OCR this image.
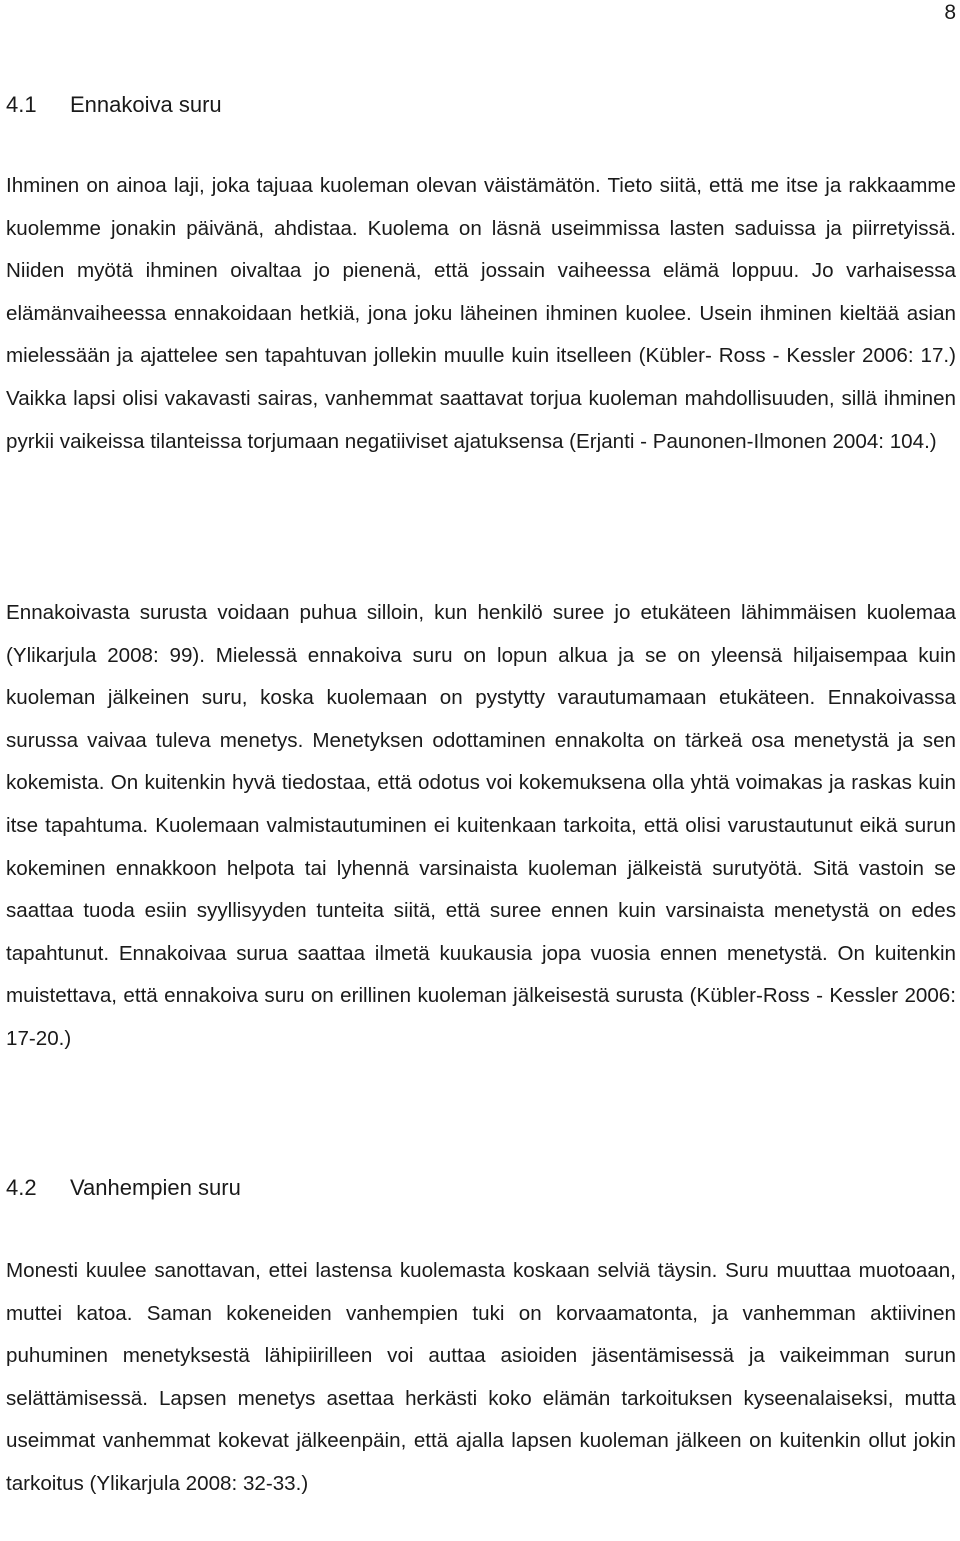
8
4.1 Ennakoiva suru

Ihminen on ainoa laji, joka tajuaa kuoleman olevan väistämätön. Tieto siitä, että me itse ja rakkaamme kuolemme jonakin päivänä, ahdistaa. Kuolema on läsnä useimmissa lasten saduissa ja piirretyissä. Niiden myötä ihminen oivaltaa jo pienenä, että jossain vaiheessa elämä loppuu. Jo varhaisessa elämänvaiheessa ennakoidaan hetkiä, jona joku läheinen ihminen kuolee. Usein ihminen kieltää asian mielessään ja ajattelee sen tapahtuvan jollekin muulle kuin itselleen (Kübler- Ross - Kessler 2006: 17.) Vaikka lapsi olisi vakavasti sairas, vanhemmat saattavat torjua kuoleman mahdollisuuden, sillä ihminen pyrkii vaikeissa tilanteissa torjumaan negatiiviset ajatuksensa (Erjanti - Paunonen-Ilmonen 2004: 104.)

Ennakoivasta surusta voidaan puhua silloin, kun henkilö suree jo etukäteen lähimmäisen kuolemaa (Ylikarjula 2008: 99). Mielessä ennakoiva suru on lopun alkua ja se on yleensä hiljaisempaa kuin kuoleman jälkeinen suru, koska kuolemaan on pystytty varautumamaan etukäteen. Ennakoivassa surussa vaivaa tuleva menetys. Menetyksen odottaminen ennakolta on tärkeä osa menetystä ja sen kokemista. On kuitenkin hyvä tiedostaa, että odotus voi kokemuksena olla yhtä voimakas ja raskas kuin itse tapahtuma. Kuolemaan valmistautuminen ei kuitenkaan tarkoita, että olisi varustautunut eikä surun kokeminen ennakkoon helpota tai lyhennä varsinaista kuoleman jälkeistä surutyötä. Sitä vastoin se saattaa tuoda esiin syyllisyyden tunteita siitä, että suree ennen kuin varsinaista menetystä on edes tapahtunut. Ennakoivaa surua saattaa ilmetä kuukausia jopa vuosia ennen menetystä. On kuitenkin muistettava, että ennakoiva suru on erillinen kuoleman jälkeisestä surusta (Kübler-Ross - Kessler 2006: 17-20.)

4.2 Vanhempien suru

Monesti kuulee sanottavan, ettei lastensa kuolemasta koskaan selviä täysin. Suru muuttaa muotoaan, muttei katoa. Saman kokeneiden vanhempien tuki on korvaamatonta, ja vanhemman aktiivinen puhuminen menetyksestä lähipiirilleen voi auttaa asioiden jäsentämisessä ja vaikeimman surun selättämisessä. Lapsen menetys asettaa herkästi koko elämän tarkoituksen kyseenalaiseksi, mutta useimmat vanhemmat kokevat jälkeenpäin, että ajalla lapsen kuoleman jälkeen on kuitenkin ollut jokin tarkoitus (Ylikarjula 2008: 32-33.)
